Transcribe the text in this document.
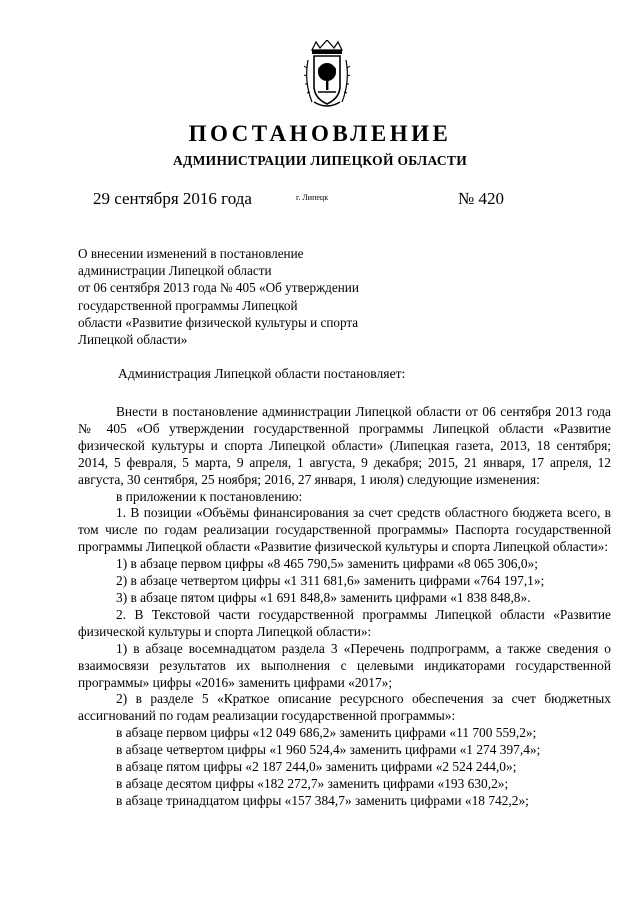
ПОСТАНОВЛЕНИЕ
АДМИНИСТРАЦИИ ЛИПЕЦКОЙ ОБЛАСТИ
29 сентября 2016 года	г. Липецк	№ 420
О внесении изменений в постановление
администрации Липецкой области
от 06 сентября 2013 года № 405 «Об утверждении
государственной программы Липецкой
области «Развитие физической культуры и спорта
Липецкой области»
Администрация Липецкой области постановляет:

Внести в постановление администрации Липецкой области от 06 сентября 2013 года № 405 «Об утверждении государственной программы Липецкой области «Развитие физической культуры и спорта Липецкой области» (Липецкая газета, 2013, 18 сентября; 2014, 5 февраля, 5 марта, 9 апреля, 1 августа, 9 декабря; 2015, 21 января, 17 апреля, 12 августа, 30 сентября, 25 ноября; 2016, 27 января, 1 июля) следующие изменения:

в приложении к постановлению:

1. В позиции «Объёмы финансирования за счет средств областного бюджета всего, в том числе по годам реализации государственной программы» Паспорта государственной программы Липецкой области «Развитие физической культуры и спорта Липецкой области»:

1) в абзаце первом цифры «8 465 790,5» заменить цифрами «8 065 306,0»;

2) в абзаце четвертом цифры «1 311 681,6» заменить цифрами «764 197,1»;

3) в абзаце пятом цифры «1 691 848,8» заменить цифрами «1 838 848,8».

2. В Текстовой части государственной программы Липецкой области «Развитие физической культуры и спорта Липецкой области»:

1) в абзаце восемнадцатом раздела 3 «Перечень подпрограмм, а также сведения о взаимосвязи результатов их выполнения с целевыми индикаторами государственной программы» цифры «2016» заменить цифрами «2017»;

2) в разделе 5 «Краткое описание ресурсного обеспечения за счет бюджетных ассигнований по годам реализации государственной программы»:

в абзаце первом цифры «12 049 686,2» заменить цифрами «11 700 559,2»;

в абзаце четвертом цифры «1 960 524,4» заменить цифрами «1 274 397,4»;

в абзаце пятом цифры «2 187 244,0» заменить цифрами «2 524 244,0»;

в абзаце десятом цифры «182 272,7» заменить цифрами «193 630,2»;

в абзаце тринадцатом цифры «157 384,7» заменить цифрами «18 742,2»;
